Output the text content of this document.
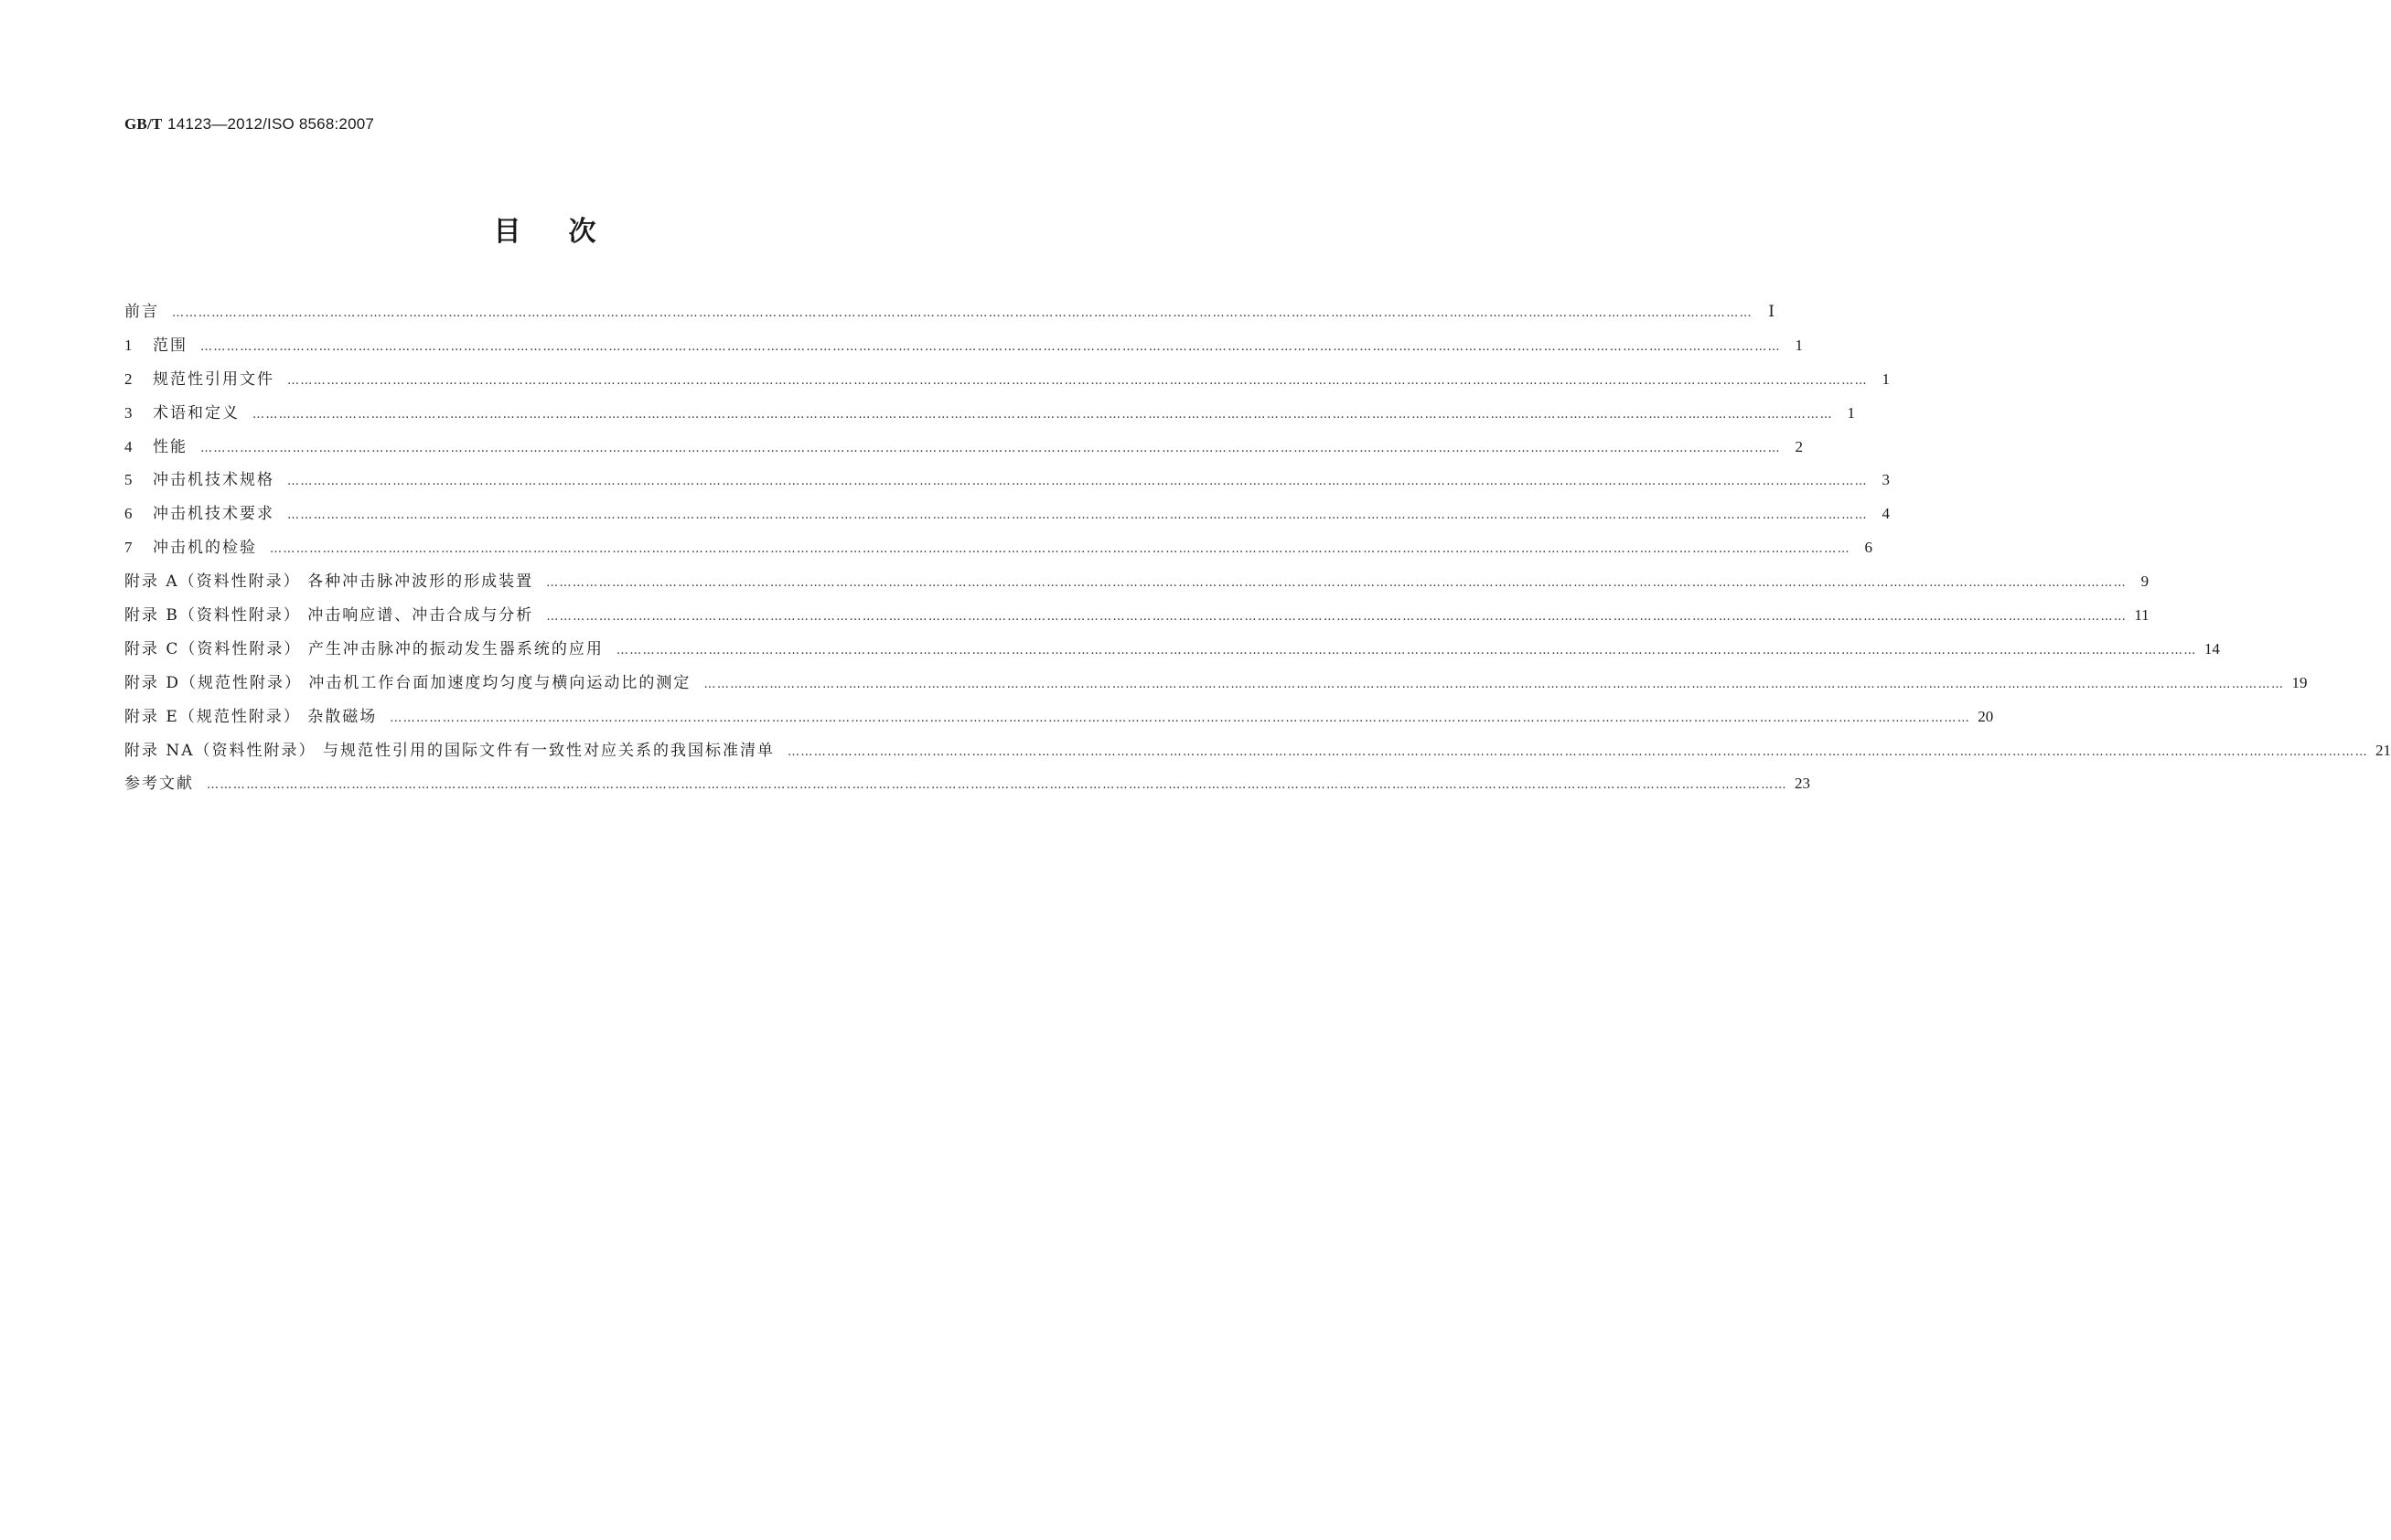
GB/T 14123—2012/ISO 8568:2007
目次
前言 ………………………………………………………………………………………………………………………………………………………………………………………………………………………………………………………………………………………………………………………………	Ⅰ
1	范围 ……………………………………………………………………………………………………………………………………………………………………………………………………………………………………………………………………………………………………………………………… 1
2	规范性引用文件 ……………………………………………………………………………………………………………………………………………………………………………………………………………………………………………………………………………………………………………………………… 1
3	术语和定义 ……………………………………………………………………………………………………………………………………………………………………………………………………………………………………………………………………………………………………………………………… 1
4	性能 ……………………………………………………………………………………………………………………………………………………………………………………………………………………………………………………………………………………………………………………………… 2
5	冲击机技术规格 ……………………………………………………………………………………………………………………………………………………………………………………………………………………………………………………………………………………………………………………………… 3
6	冲击机技术要求 ……………………………………………………………………………………………………………………………………………………………………………………………………………………………………………………………………………………………………………………………… 4
7	冲击机的检验 ……………………………………………………………………………………………………………………………………………………………………………………………………………………………………………………………………………………………………………………………… 6
附录 A（资料性附录） 各种冲击脉冲波形的形成装置 ……………………………………………………………………………………………………………………………………………………………………………………………………………………………………………………………………………………………………………………………… 9
附录 B（资料性附录） 冲击响应谱、冲击合成与分析 ……………………………………………………………………………………………………………………………………………………………………………………………………………………………………………………………………………………………………………………………… 11
附录 C（资料性附录） 产生冲击脉冲的振动发生器系统的应用 ……………………………………………………………………………………………………………………………………………………………………………………………………………………………………………………………………………………………………………………………… 14
附录 D（规范性附录） 冲击机工作台面加速度均匀度与横向运动比的测定 ……………………………………………………………………………………………………………………………………………………………………………………………………………………………………………………………………………………………………………………………… 19
附录 E（规范性附录） 杂散磁场 ……………………………………………………………………………………………………………………………………………………………………………………………………………………………………………………………………………………………………………………………… 20
附录 NA（资料性附录） 与规范性引用的国际文件有一致性对应关系的我国标准清单 ……………………………………………………………………………………………………………………………………………………………………………………………………………………………………………………………………………………………………………………………… 21
参考文献 ……………………………………………………………………………………………………………………………………………………………………………………………………………………………………………………………………………………………………………………………… 23
